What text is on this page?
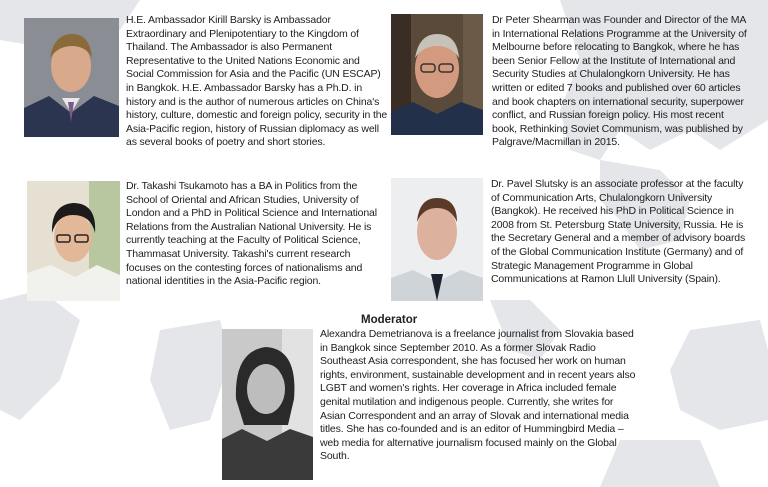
H.E. Ambassador Kirill Barsky is Ambassador Extraordinary and Plenipotentiary to the Kingdom of Thailand. The Ambassador is also Permanent Representative to the United Nations Economic and Social Commission for Asia and the Pacific (UN ESCAP) in Bangkok. H.E. Ambassador Barsky has a Ph.D. in history and is the author of numerous articles on China's history, culture, domestic and foreign policy, security in the Asia-Pacific region, history of Russian diplomacy as well as several books of poetry and short stories.
Dr Peter Shearman was Founder and Director of the MA in International Relations Programme at the University of Melbourne before relocating to Bangkok, where he has been Senior Fellow at the Institute of International and Security Studies at Chulalongkorn University. He has written or edited 7 books and published over 60 articles and book chapters on international security, superpower conflict, and Russian foreign policy. His most recent book, Rethinking Soviet Communism, was published by Palgrave/Macmillan in 2015.
Dr. Takashi Tsukamoto has a BA in Politics from the School of Oriental and African Studies, University of London and a PhD in Political Science and International Relations from the Australian National University. He is currently teaching at the Faculty of Political Science, Thammasat University. Takashi's current research focuses on the contesting forces of nationalisms and national identities in the Asia-Pacific region.
Dr. Pavel Slutsky is an associate professor at the faculty of Communication Arts, Chulalongkorn University (Bangkok). He received his PhD in Political Science in 2008 from St. Petersburg State University, Russia. He is the Secretary General and a member of advisory boards of the Global Communication Institute (Germany) and of Strategic Management Programme in Global Communications at Ramon Llull University (Spain).
Moderator
Alexandra Demetrianova is a freelance journalist from Slovakia based in Bangkok since September 2010. As a former Slovak Radio Southeast Asia correspondent, she has focused her work on human rights, environment, sustainable development and in recent years also LGBT and women's rights. Her coverage in Africa included female genital mutilation and indigenous people. Currently, she writes for Asian Correspondent and an array of Slovak and international media titles. She has co-founded and is an editor of Hummingbird Media – web media for alternative journalism focused mainly on the Global South.
